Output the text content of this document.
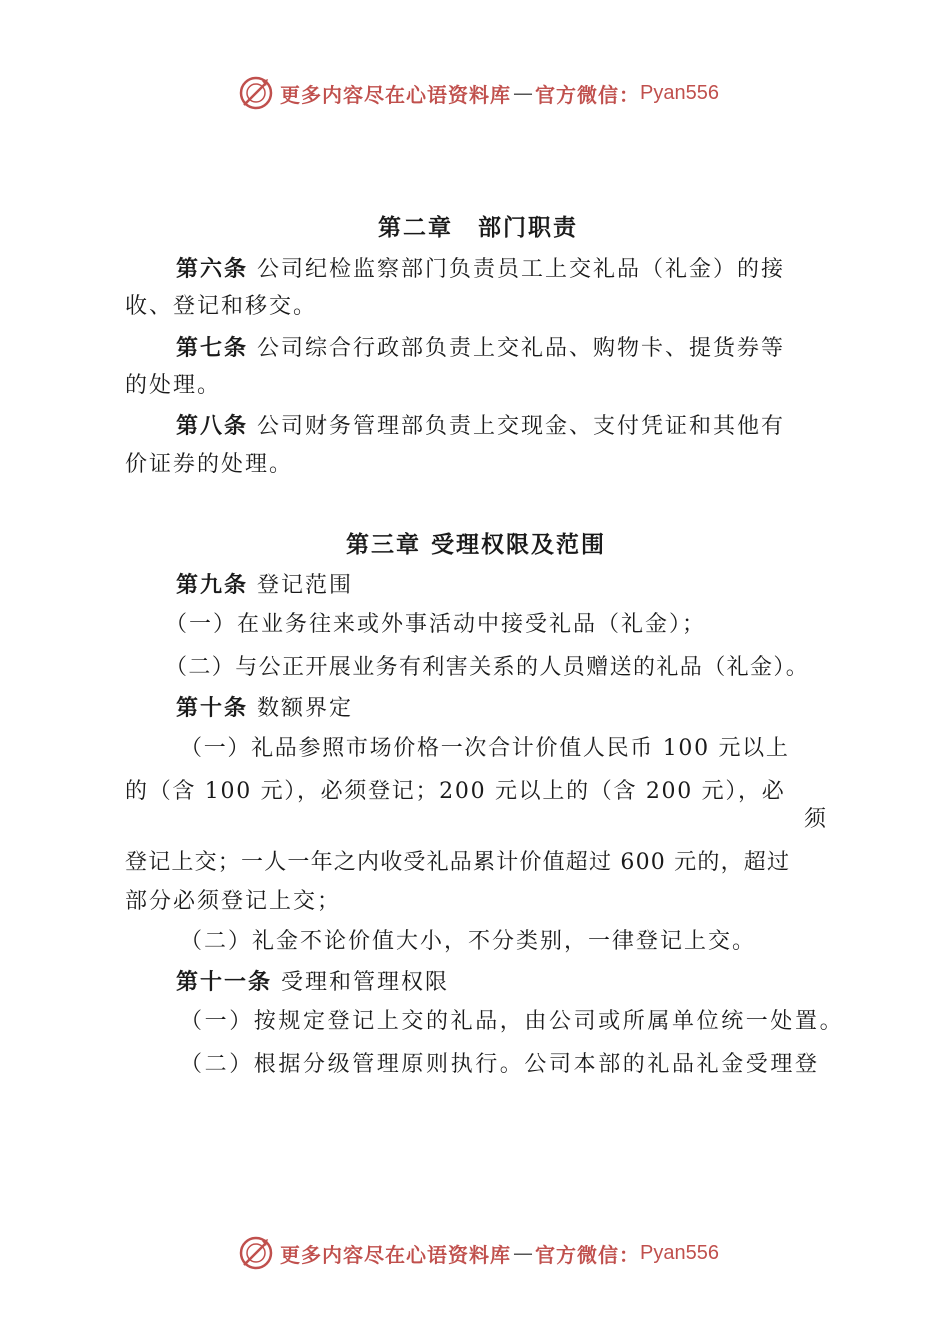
更多内容尽在心语资料库 — 官方微信： Pyan556
第二章　部门职责
第六条 公司纪检监察部门负责员工上交礼品（礼金）的接
收、登记和移交。
第七条 公司综合行政部负责上交礼品、购物卡、提货券等
的处理。
第八条 公司财务管理部负责上交现金、支付凭证和其他有
价证券的处理。
第三章 受理权限及范围
第九条 登记范围
（一）在业务往来或外事活动中接受礼品（礼金）；
（二）与公正开展业务有利害关系的人员赠送的礼品（礼金）。
第十条 数额界定
（一）礼品参照市场价格一次合计价值人民币 100 元以上
的（含 100 元），必须登记；200 元以上的（含 200 元），必
须
登记上交；一人一年之内收受礼品累计价值超过 600 元的，超过
部分必须登记上交；
（二）礼金不论价值大小，不分类别，一律登记上交。
第十一条 受理和管理权限
（一）按规定登记上交的礼品，由公司或所属单位统一处置。
（二）根据分级管理原则执行。公司本部的礼品礼金受理登
更多内容尽在心语资料库 — 官方微信： Pyan556
